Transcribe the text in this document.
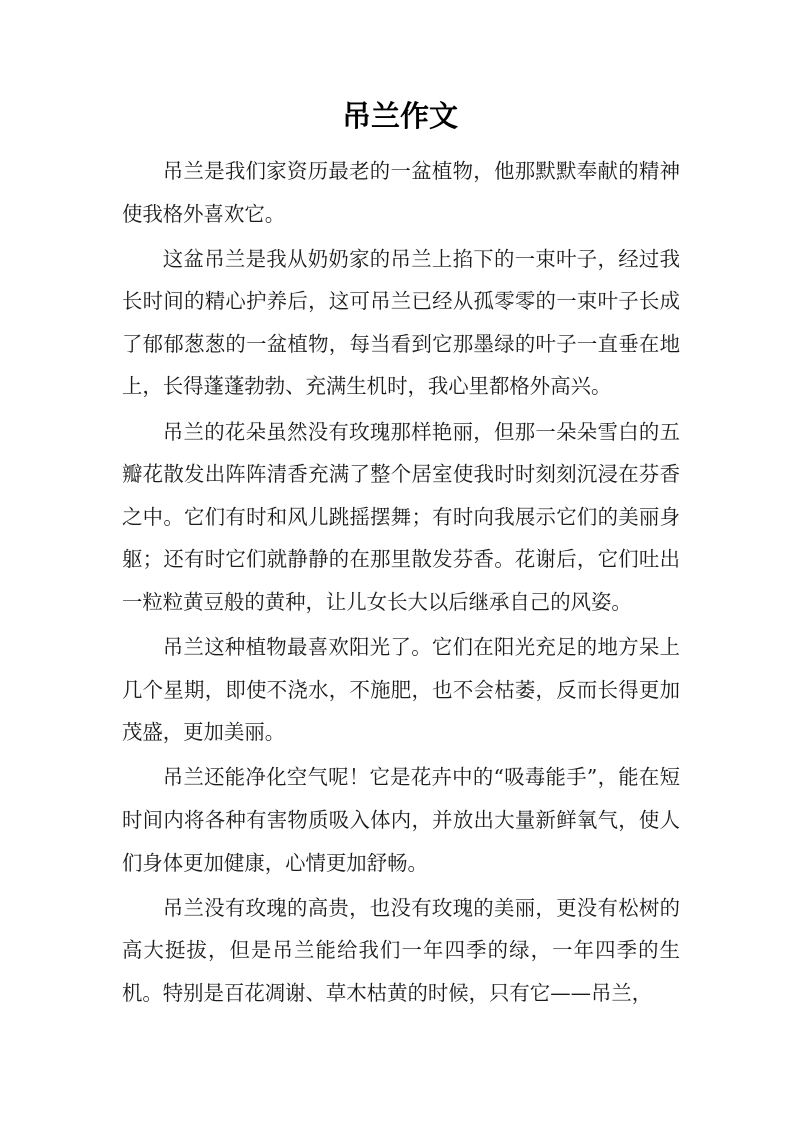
吊兰作文

吊兰是我们家资历最老的一盆植物，他那默默奉献的精神使我格外喜欢它。

这盆吊兰是我从奶奶家的吊兰上掐下的一束叶子，经过我长时间的精心护养后，这可吊兰已经从孤零零的一束叶子长成了郁郁葱葱的一盆植物，每当看到它那墨绿的叶子一直垂在地上，长得蓬蓬勃勃、充满生机时，我心里都格外高兴。

吊兰的花朵虽然没有玫瑰那样艳丽，但那一朵朵雪白的五瓣花散发出阵阵清香充满了整个居室使我时时刻刻沉浸在芬香之中。它们有时和风儿跳摇摆舞；有时向我展示它们的美丽身躯；还有时它们就静静的在那里散发芬香。花谢后，它们吐出一粒粒黄豆般的黄种，让儿女长大以后继承自己的风姿。

吊兰这种植物最喜欢阳光了。它们在阳光充足的地方呆上几个星期，即使不浇水，不施肥，也不会枯萎，反而长得更加茂盛，更加美丽。

吊兰还能净化空气呢！它是花卉中的“吸毒能手”，能在短时间内将各种有害物质吸入体内，并放出大量新鲜氧气，使人们身体更加健康，心情更加舒畅。

吊兰没有玫瑰的高贵，也没有玫瑰的美丽，更没有松树的高大挺拔，但是吊兰能给我们一年四季的绿，一年四季的生机。特别是百花凋谢、草木枯黄的时候，只有它——吊兰，
